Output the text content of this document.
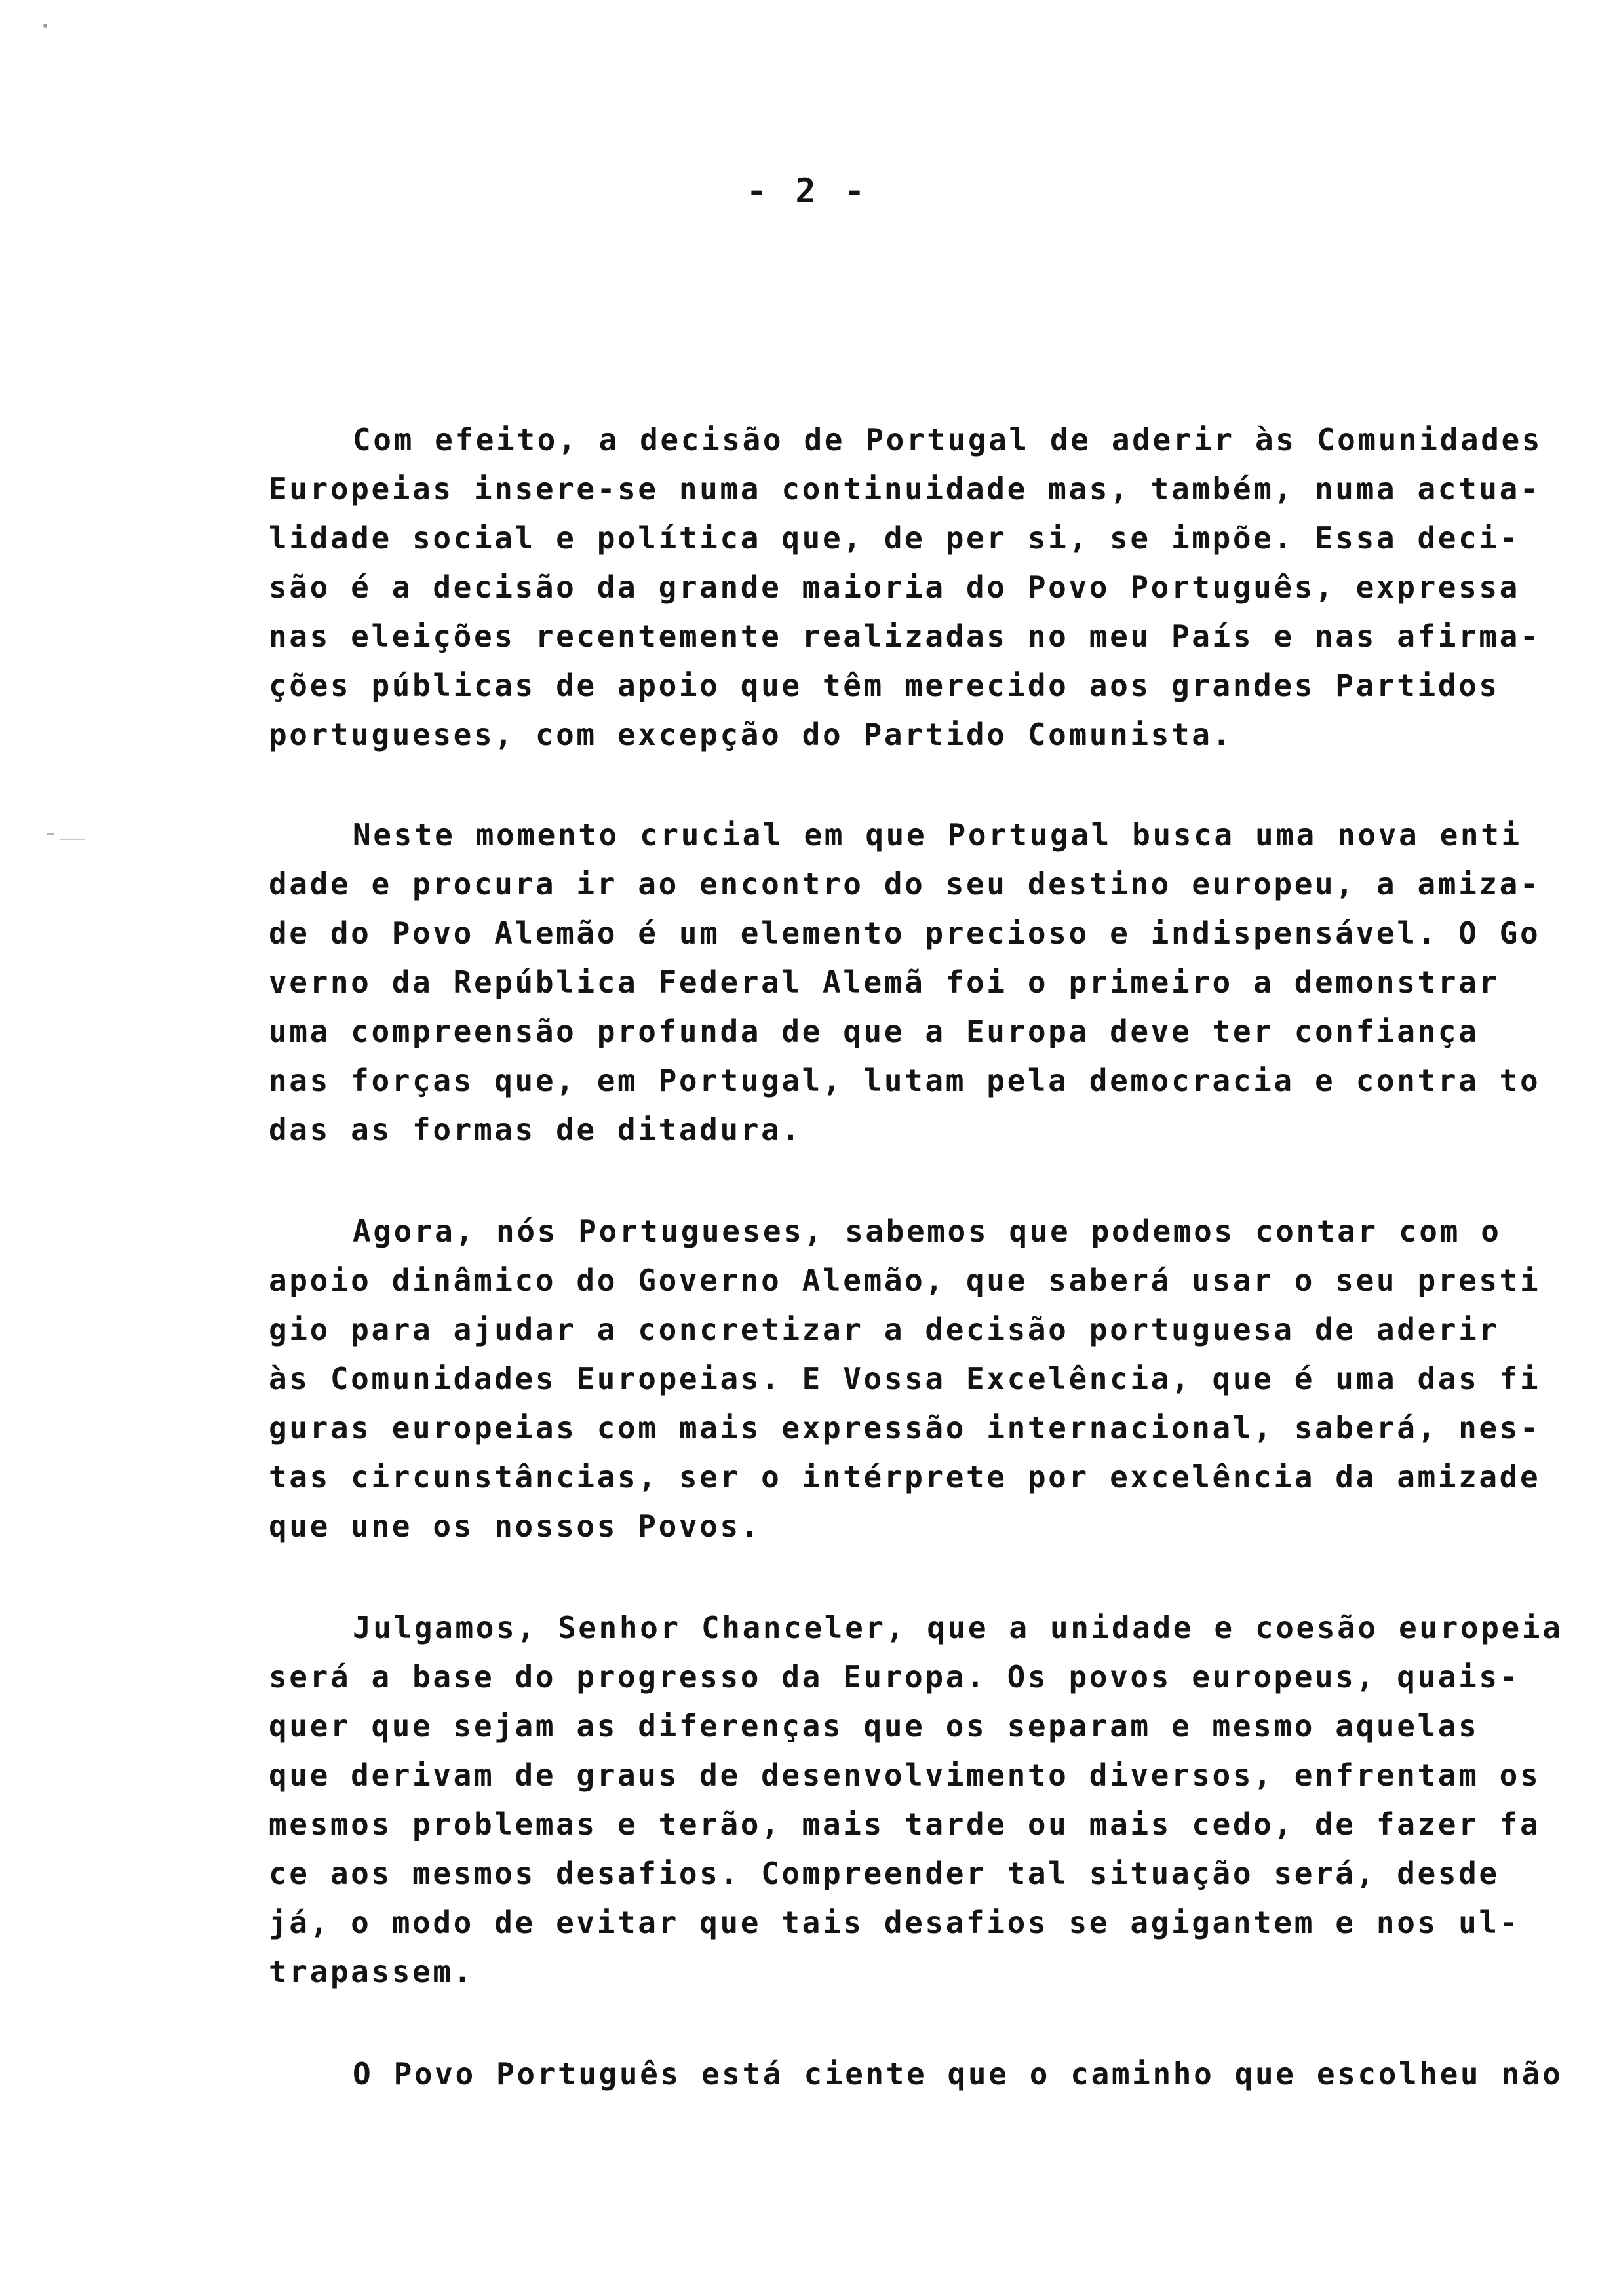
- 2 -
Com efeito, a decisão de Portugal de aderir às Comunidades
Europeias insere-se numa continuidade mas, também, numa actua-
lidade social e política que, de per si, se impõe. Essa deci-
são é a decisão da grande maioria do Povo Português, expressa
nas eleições recentemente realizadas no meu País e nas afirma-
ções públicas de apoio que têm merecido aos grandes Partidos
portugueses, com excepção do Partido Comunista.
Neste momento crucial em que Portugal busca uma nova enti
dade e procura ir ao encontro do seu destino europeu, a amiza-
de do Povo Alemão é um elemento precioso e indispensável. O Go
verno da República Federal Alemã foi o primeiro a demonstrar
uma compreensão profunda de que a Europa deve ter confiança
nas forças que, em Portugal, lutam pela democracia e contra to
das as formas de ditadura.
Agora, nós Portugueses, sabemos que podemos contar com o
apoio dinâmico do Governo Alemão, que saberá usar o seu presti
gio para ajudar a concretizar a decisão portuguesa de aderir
às Comunidades Europeias. E Vossa Excelência, que é uma das fi
guras europeias com mais expressão internacional, saberá, nes-
tas circunstâncias, ser o intérprete por excelência da amizade
que une os nossos Povos.
Julgamos, Senhor Chanceler, que a unidade e coesão europeia
será a base do progresso da Europa. Os povos europeus, quais-
quer que sejam as diferenças que os separam e mesmo aquelas
que derivam de graus de desenvolvimento diversos, enfrentam os
mesmos problemas e terão, mais tarde ou mais cedo, de fazer fa
ce aos mesmos desafios. Compreender tal situação será, desde
já, o modo de evitar que tais desafios se agigantem e nos ul-
trapassem.
O Povo Português está ciente que o caminho que escolheu não
